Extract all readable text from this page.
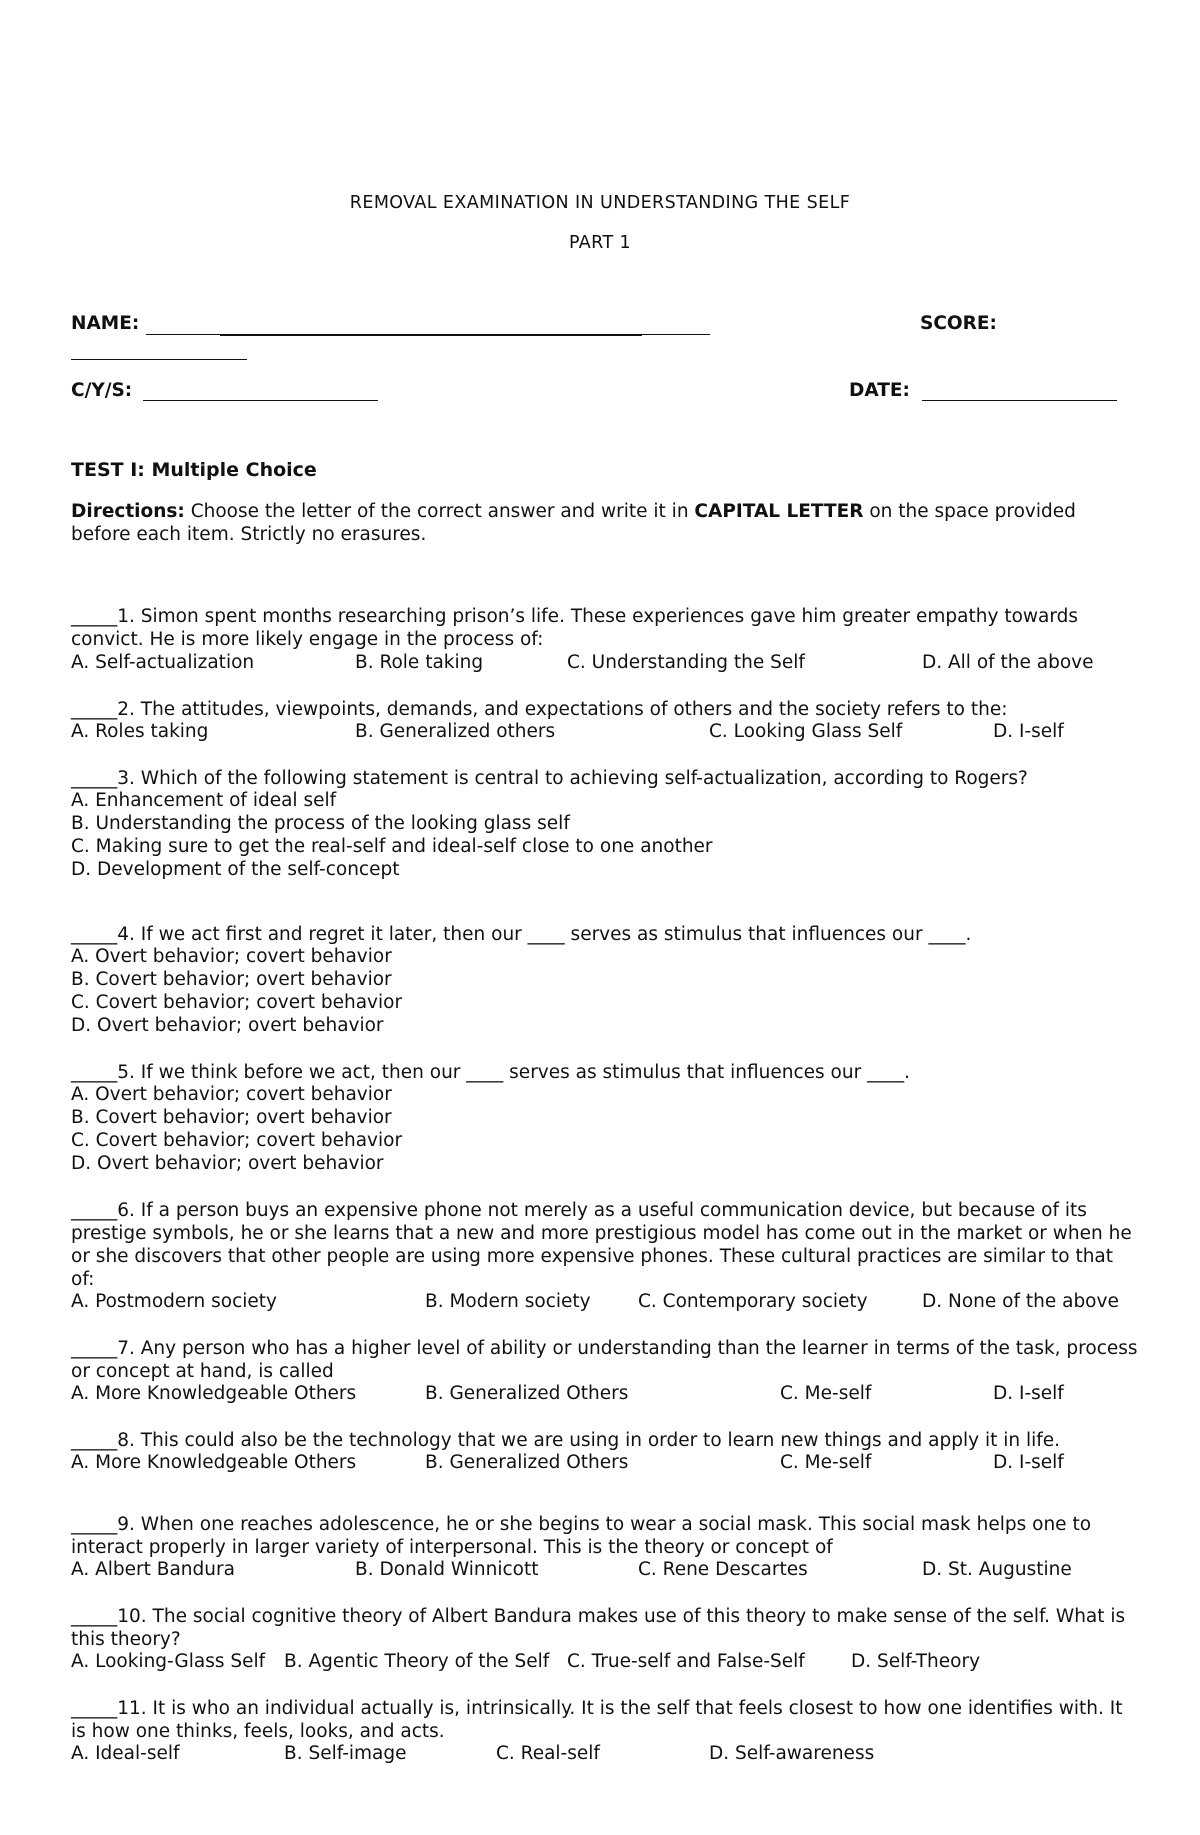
REMOVAL EXAMINATION IN UNDERSTANDING THE SELF
PART 1
NAME:	SCORE:
C/Y/S:	DATE:
TEST I: Multiple Choice
Directions: Choose the letter of the correct answer and write it in CAPITAL LETTER on the space provided before each item. Strictly no erasures.
_____1. Simon spent months researching prison’s life. These experiences gave him greater empathy towards convict. He is more likely engage in the process of:
A. Self-actualization	B. Role taking	C. Understanding the Self	D. All of the above
_____2. The attitudes, viewpoints, demands, and expectations of others and the society refers to the:
A. Roles taking	B. Generalized others	C. Looking Glass Self	D. I-self
_____3. Which of the following statement is central to achieving self-actualization, according to Rogers?
A. Enhancement of ideal self
B. Understanding the process of the looking glass self
C. Making sure to get the real-self and ideal-self close to one another
D. Development of the self-concept
_____4. If we act first and regret it later, then our ____ serves as stimulus that influences our ____.
A. Overt behavior; covert behavior
B. Covert behavior; overt behavior
C. Covert behavior; covert behavior
D. Overt behavior; overt behavior
_____5. If we think before we act, then our ____ serves as stimulus that influences our ____.
A. Overt behavior; covert behavior
B. Covert behavior; overt behavior
C. Covert behavior; covert behavior
D. Overt behavior; overt behavior
_____6. If a person buys an expensive phone not merely as a useful communication device, but because of its prestige symbols, he or she learns that a new and more prestigious model has come out in the market or when he or she discovers that other people are using more expensive phones. These cultural practices are similar to that of:
A. Postmodern society	B. Modern society	C. Contemporary society	D. None of the above
_____7. Any person who has a higher level of ability or understanding than the learner in terms of the task, process or concept at hand, is called
A. More Knowledgeable Others	B. Generalized Others	C. Me-self	D. I-self
_____8. This could also be the technology that we are using in order to learn new things and apply it in life.
A. More Knowledgeable Others	B. Generalized Others	C. Me-self	D. I-self
_____9. When one reaches adolescence, he or she begins to wear a social mask. This social mask helps one to interact properly in larger variety of interpersonal. This is the theory or concept of
A. Albert Bandura	B. Donald Winnicott	C. Rene Descartes	D. St. Augustine
_____10. The social cognitive theory of Albert Bandura makes use of this theory to make sense of the self. What is this theory?
A. Looking-Glass Self B. Agentic Theory of the Self C. True-self and False-Self D. Self-Theory
_____11. It is who an individual actually is, intrinsically. It is the self that feels closest to how one identifies with. It is how one thinks, feels, looks, and acts.
A. Ideal-self	B. Self-image	C. Real-self	D. Self-awareness
